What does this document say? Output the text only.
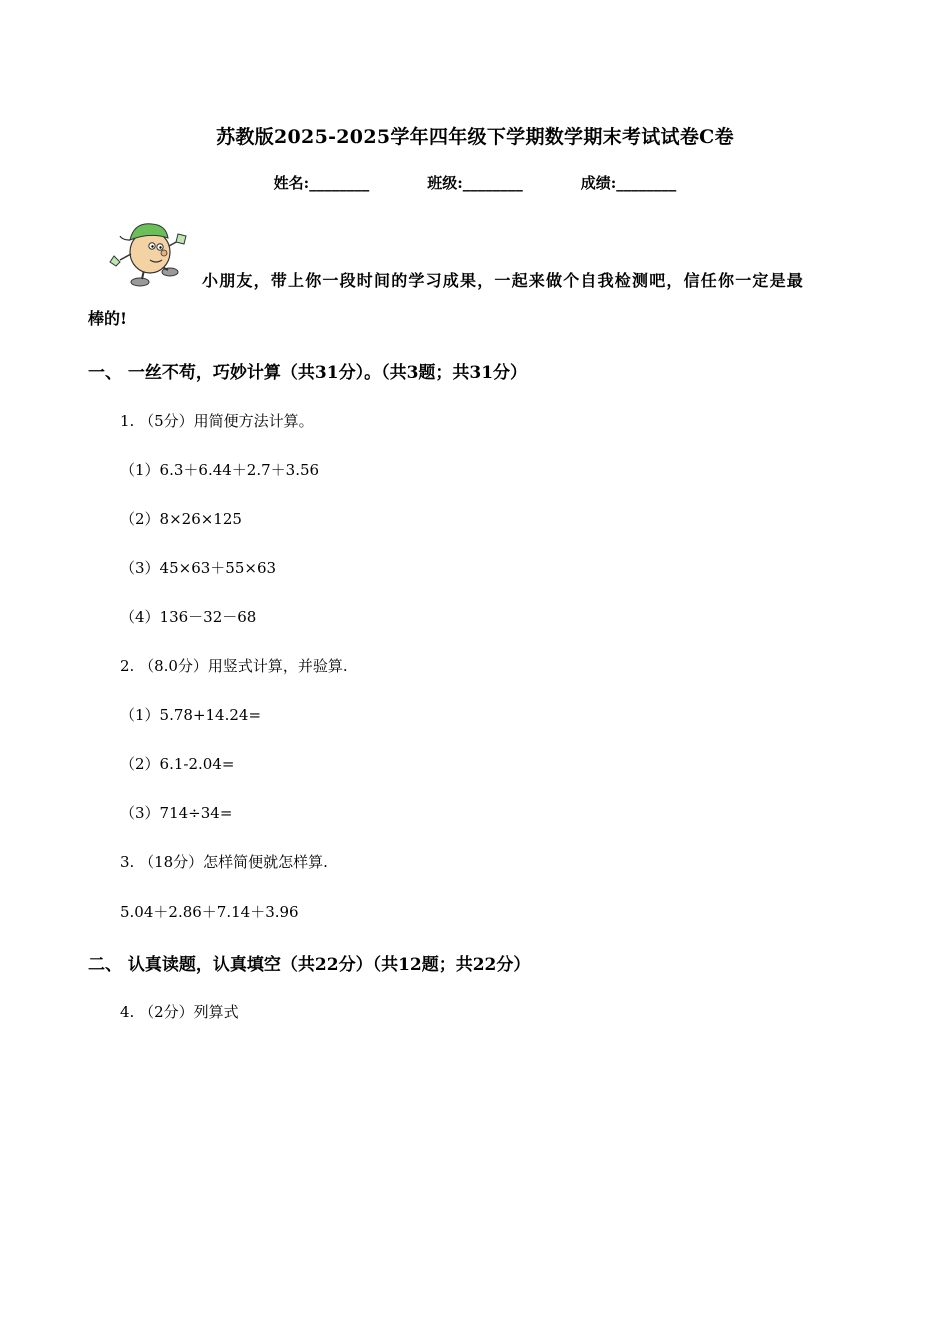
苏教版2025-2025学年四年级下学期数学期末考试试卷C卷
姓名:________	班级:________	成绩:________
小朋友，带上你一段时间的学习成果，一起来做个自我检测吧，信任你一定是最
棒的!
一、 一丝不苟，巧妙计算（共31分）。（共3题；共31分）
1. （5分）用简便方法计算。
（1）6.3＋6.44＋2.7＋3.56
（2）8×26×125
（3）45×63＋55×63
（4）136－32－68
2. （8.0分）用竖式计算，并验算.
（1）5.78+14.24=
（2）6.1-2.04=
（3）714÷34=
3. （18分）怎样简便就怎样算.
5.04＋2.86＋7.14＋3.96
二、 认真读题，认真填空（共22分）（共12题；共22分）
4. （2分）列算式
